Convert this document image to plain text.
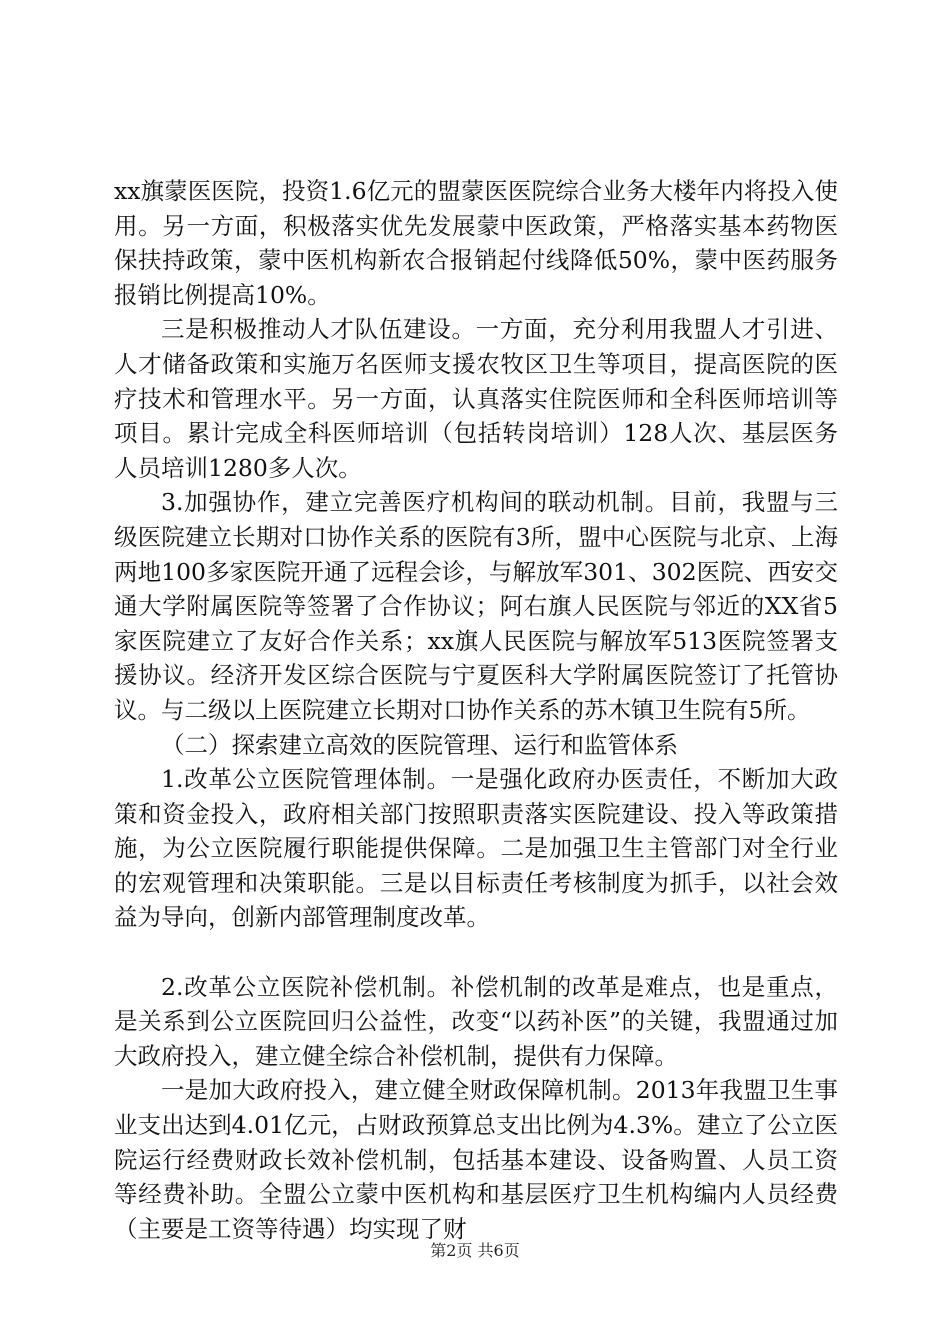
xx旗蒙医医院，投资1.6亿元的盟蒙医医院综合业务大楼年内将投入使用。另一方面，积极落实优先发展蒙中医政策，严格落实基本药物医保扶持政策，蒙中医机构新农合报销起付线降低50%，蒙中医药服务报销比例提高10%。

三是积极推动人才队伍建设。一方面，充分利用我盟人才引进、人才储备政策和实施万名医师支援农牧区卫生等项目，提高医院的医疗技术和管理水平。另一方面，认真落实住院医师和全科医师培训等项目。累计完成全科医师培训（包括转岗培训）128人次、基层医务人员培训1280多人次。

3.加强协作，建立完善医疗机构间的联动机制。目前，我盟与三级医院建立长期对口协作关系的医院有3所，盟中心医院与北京、上海两地100多家医院开通了远程会诊，与解放军301、302医院、西安交通大学附属医院等签署了合作协议；阿右旗人民医院与邻近的XX省5家医院建立了友好合作关系；xx旗人民医院与解放军513医院签署支援协议。经济开发区综合医院与宁夏医科大学附属医院签订了托管协议。与二级以上医院建立长期对口协作关系的苏木镇卫生院有5所。

（二）探索建立高效的医院管理、运行和监管体系

1.改革公立医院管理体制。一是强化政府办医责任，不断加大政策和资金投入，政府相关部门按照职责落实医院建设、投入等政策措施，为公立医院履行职能提供保障。二是加强卫生主管部门对全行业的宏观管理和决策职能。三是以目标责任考核制度为抓手，以社会效益为导向，创新内部管理制度改革。

2.改革公立医院补偿机制。补偿机制的改革是难点，也是重点，是关系到公立医院回归公益性，改变“以药补医”的关键，我盟通过加大政府投入，建立健全综合补偿机制，提供有力保障。

一是加大政府投入，建立健全财政保障机制。2013年我盟卫生事业支出达到4.01亿元，占财政预算总支出比例为4.3%。建立了公立医院运行经费财政长效补偿机制，包括基本建设、设备购置、人员工资等经费补助。全盟公立蒙中医机构和基层医疗卫生机构编内人员经费（主要是工资等待遇）均实现了财

第2页 共6页
